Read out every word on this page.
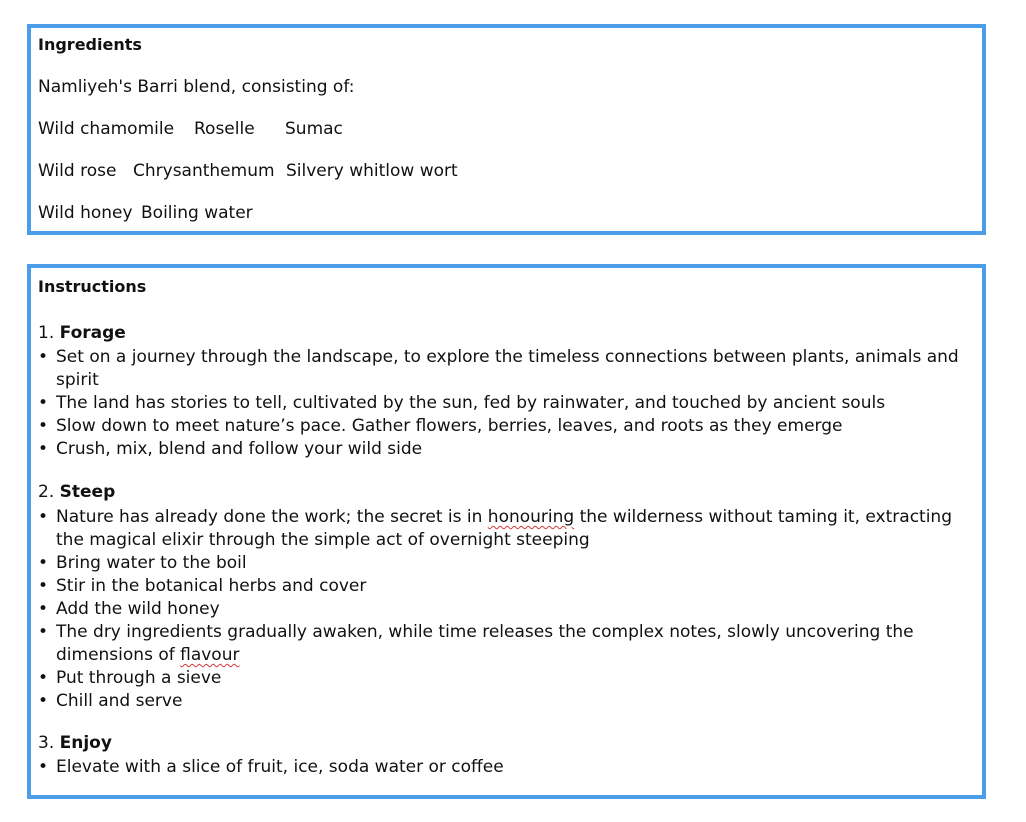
Ingredients
Namliyeh's Barri blend, consisting of:
Wild chamomile Roselle Sumac
Wild rose Chrysanthemum Silvery whitlow wort
Wild honey Boiling water
Instructions
1. Forage
• Set on a journey through the landscape, to explore the timeless connections between plants, animals and spirit
• The land has stories to tell, cultivated by the sun, fed by rainwater, and touched by ancient souls
• Slow down to meet nature’s pace. Gather flowers, berries, leaves, and roots as they emerge
• Crush, mix, blend and follow your wild side
2. Steep
• Nature has already done the work; the secret is in honouring the wilderness without taming it, extracting the magical elixir through the simple act of overnight steeping
• Bring water to the boil
• Stir in the botanical herbs and cover
• Add the wild honey
• The dry ingredients gradually awaken, while time releases the complex notes, slowly uncovering the dimensions of flavour
• Put through a sieve
• Chill and serve
3. Enjoy
• Elevate with a slice of fruit, ice, soda water or coffee
